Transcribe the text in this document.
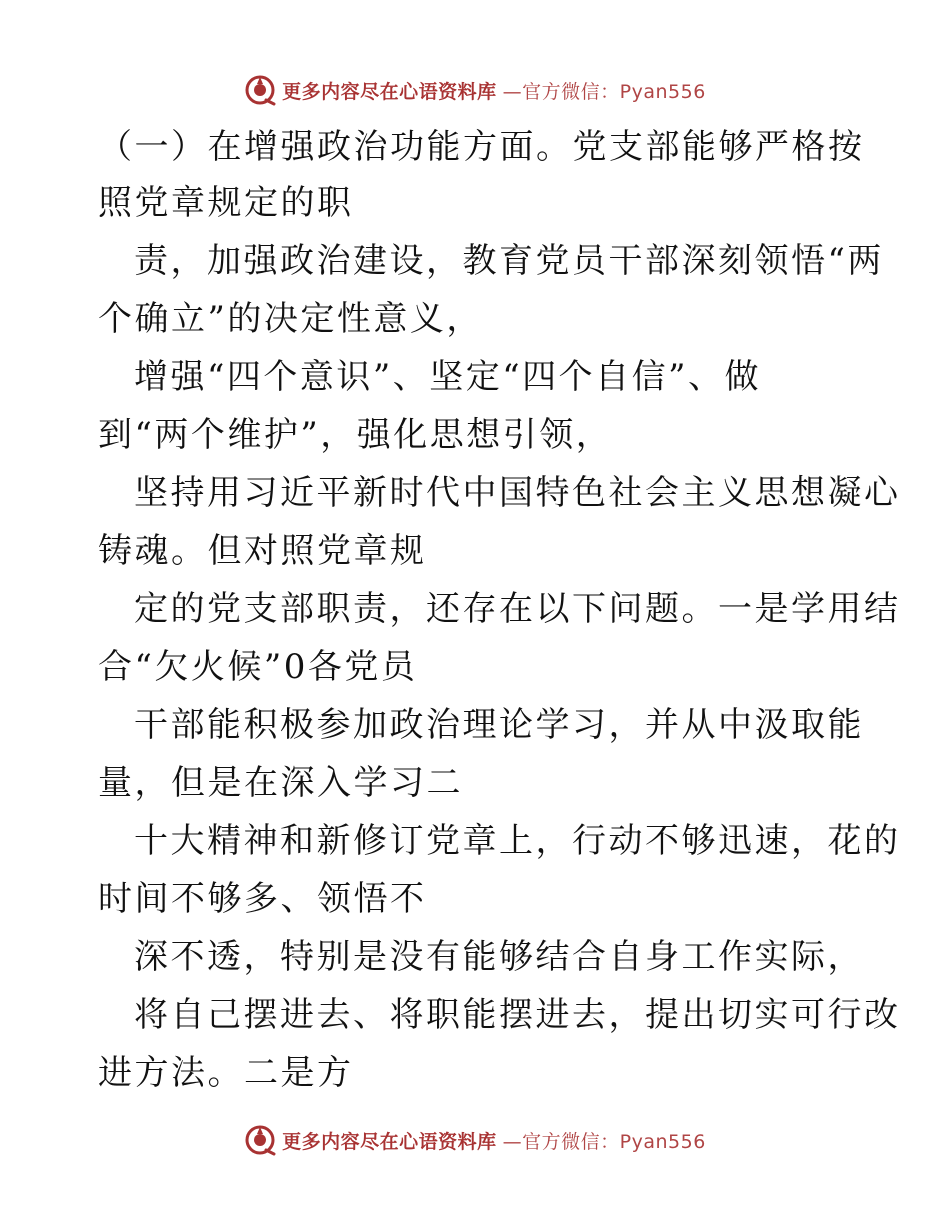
更多内容尽在心语资料库 —官方微信：Pyan556
（一）在增强政治功能方面。党支部能够严格按
照党章规定的职
责，加强政治建设，教育党员干部深刻领悟“两
个确立”的决定性意义，
增强“四个意识”、坚定“四个自信”、做
到“两个维护”，强化思想引领，
坚持用习近平新时代中国特色社会主义思想凝心
铸魂。但对照党章规
定的党支部职责，还存在以下问题。一是学用结
合“欠火候”0各党员
干部能积极参加政治理论学习，并从中汲取能
量，但是在深入学习二
十大精神和新修订党章上，行动不够迅速，花的
时间不够多、领悟不
深不透，特别是没有能够结合自身工作实际，
将自己摆进去、将职能摆进去，提出切实可行改
进方法。二是方
更多内容尽在心语资料库 —官方微信：Pyan556
